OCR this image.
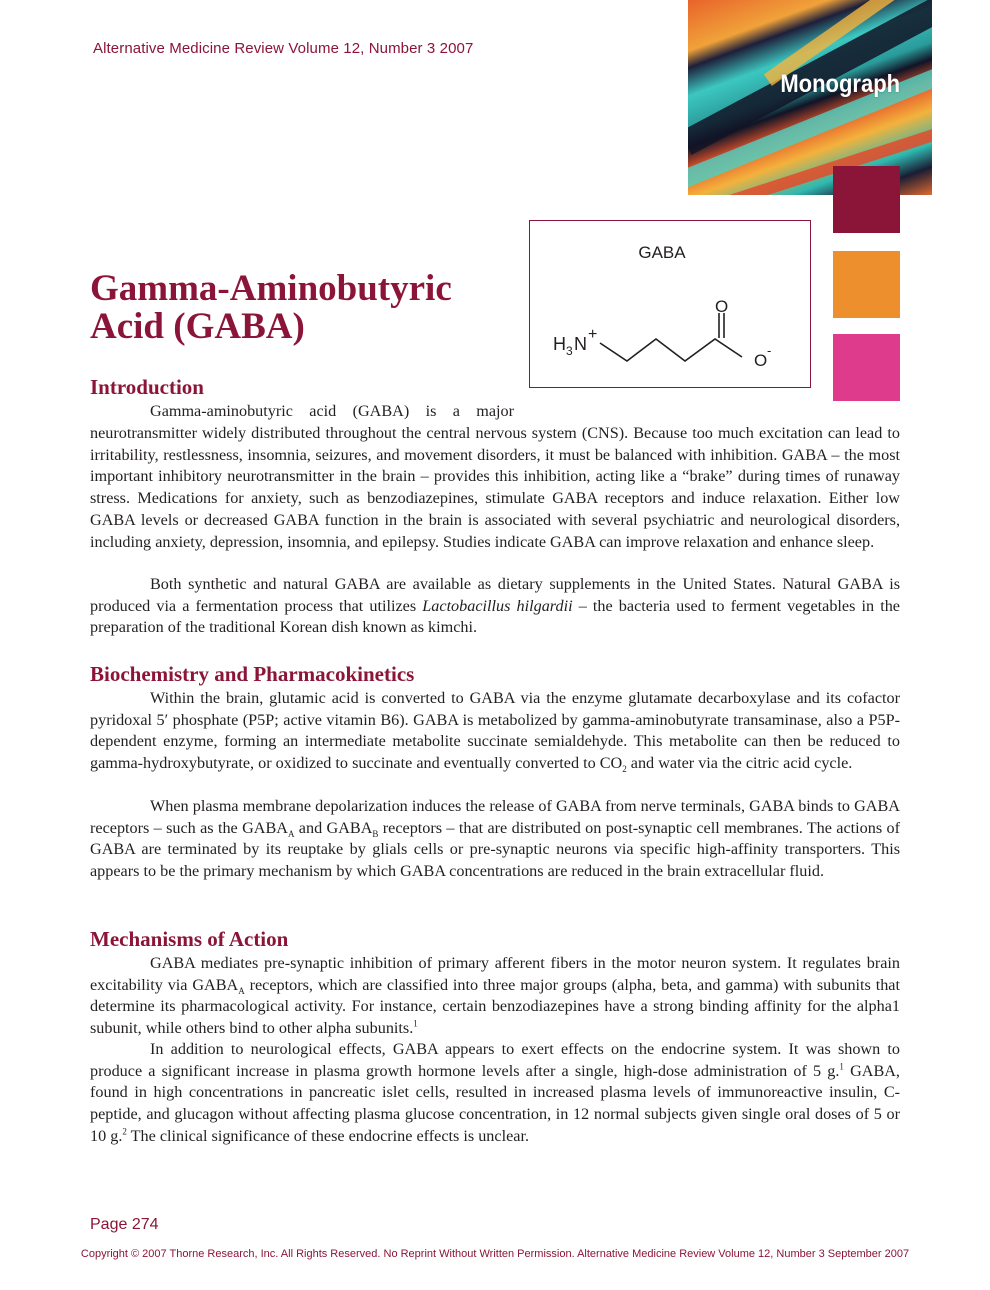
Alternative Medicine Review Volume 12, Number 3 2007
Monograph
Gamma-Aminobutyric
Acid (GABA)
GABA
H 3 N +
O
O
-
Introduction

Gamma-aminobutyric acid (GABA) is a major

neurotransmitter widely distributed throughout the central nervous system (CNS). Because too much excitation can lead to irritability, restlessness, insomnia, seizures, and movement disorders, it must be balanced with inhibition. GABA – the most important inhibitory neurotransmitter in the brain – provides this inhibition, acting like a “brake” during times of runaway stress. Medications for anxiety, such as benzodiazepines, stimulate GABA receptors and induce relaxation. Either low GABA levels or decreased GABA function in the brain is associated with several psychiatric and neurological disorders, including anxiety, depression, insomnia, and epilepsy. Studies indicate GABA can improve relaxation and enhance sleep.

Both synthetic and natural GABA are available as dietary supplements in the United States. Natural GABA is produced via a fermentation process that utilizes Lactobacillus hilgardii – the bacteria used to ferment vegetables in the preparation of the traditional Korean dish known as kimchi.

Biochemistry and Pharmacokinetics

Within the brain, glutamic acid is converted to GABA via the enzyme glutamate decarboxylase and its cofactor pyridoxal 5′ phosphate (P5P; active vitamin B6). GABA is metabolized by gamma-aminobutyrate transaminase, also a P5P-dependent enzyme, forming an intermediate metabolite succinate semialdehyde. This metabolite can then be reduced to gamma-hydroxybutyrate, or oxidized to succinate and eventually converted to $CO_2$ and water via the citric acid cycle.

When plasma membrane depolarization induces the release of GABA from nerve terminals, GABA binds to GABA receptors – such as the $GABA_A$ and $GABA_B$ receptors – that are distributed on post-synaptic cell membranes. The actions of GABA are terminated by its reuptake by glials cells or pre-synaptic neurons via specific high-affinity transporters. This appears to be the primary mechanism by which GABA concentrations are reduced in the brain extracellular fluid.

Mechanisms of Action

GABA mediates pre-synaptic inhibition of primary afferent fibers in the motor neuron system. It regulates brain excitability via $GABA_A$ receptors, which are classified into three major groups (alpha, beta, and gamma) with subunits that determine its pharmacological activity. For instance, certain benzodiazepines have a strong binding affinity for the alpha1 subunit, while others bind to other alpha subunits.$^1$

In addition to neurological effects, GABA appears to exert effects on the endocrine system. It was shown to produce a significant increase in plasma growth hormone levels after a single, high-dose administration of 5 g.$^1$ GABA, found in high concentrations in pancreatic islet cells, resulted in increased plasma levels of immunoreactive insulin, C-peptide, and glucagon without affecting plasma glucose concentration, in 12 normal subjects given single oral doses of 5 or 10 g.$^2$ The clinical significance of these endocrine effects is unclear.

Page 274
Copyright © 2007 Thorne Research, Inc. All Rights Reserved. No Reprint Without Written Permission. Alternative Medicine Review Volume 12, Number 3 September 2007
